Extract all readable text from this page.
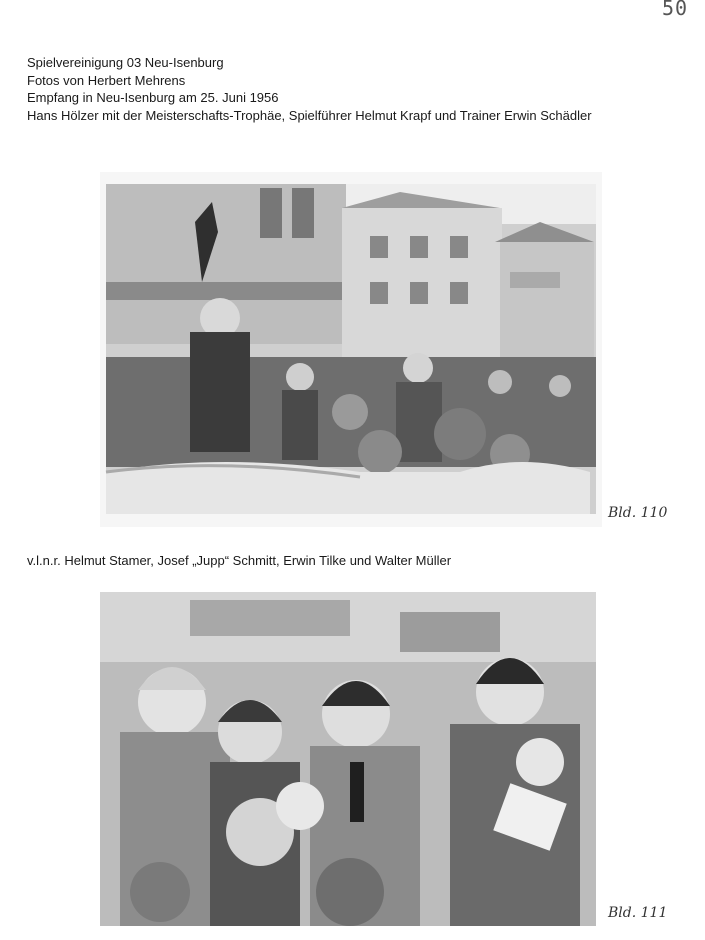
50
Spielvereinigung 03 Neu-Isenburg
Fotos von Herbert Mehrens
Empfang in Neu-Isenburg am 25. Juni 1956
Hans Hölzer mit der Meisterschafts-Trophäe, Spielführer Helmut Krapf und Trainer Erwin Schädler
Bld. 110
v.l.n.r. Helmut Stamer, Josef „Jupp“ Schmitt, Erwin Tilke und Walter Müller
Bld. 111
